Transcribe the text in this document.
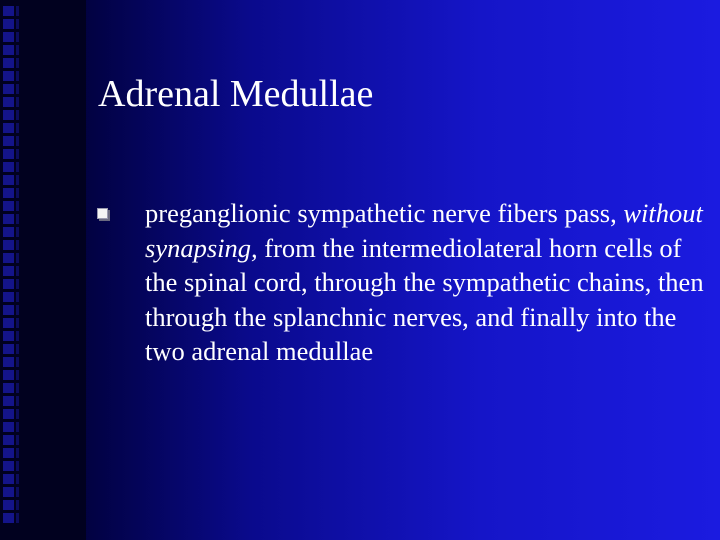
Adrenal Medullae

preganglionic sympathetic nerve fibers pass, without synapsing, from the intermediolateral horn cells of the spinal cord, through the sympathetic chains, then through the splanchnic nerves, and finally into the two adrenal medullae
